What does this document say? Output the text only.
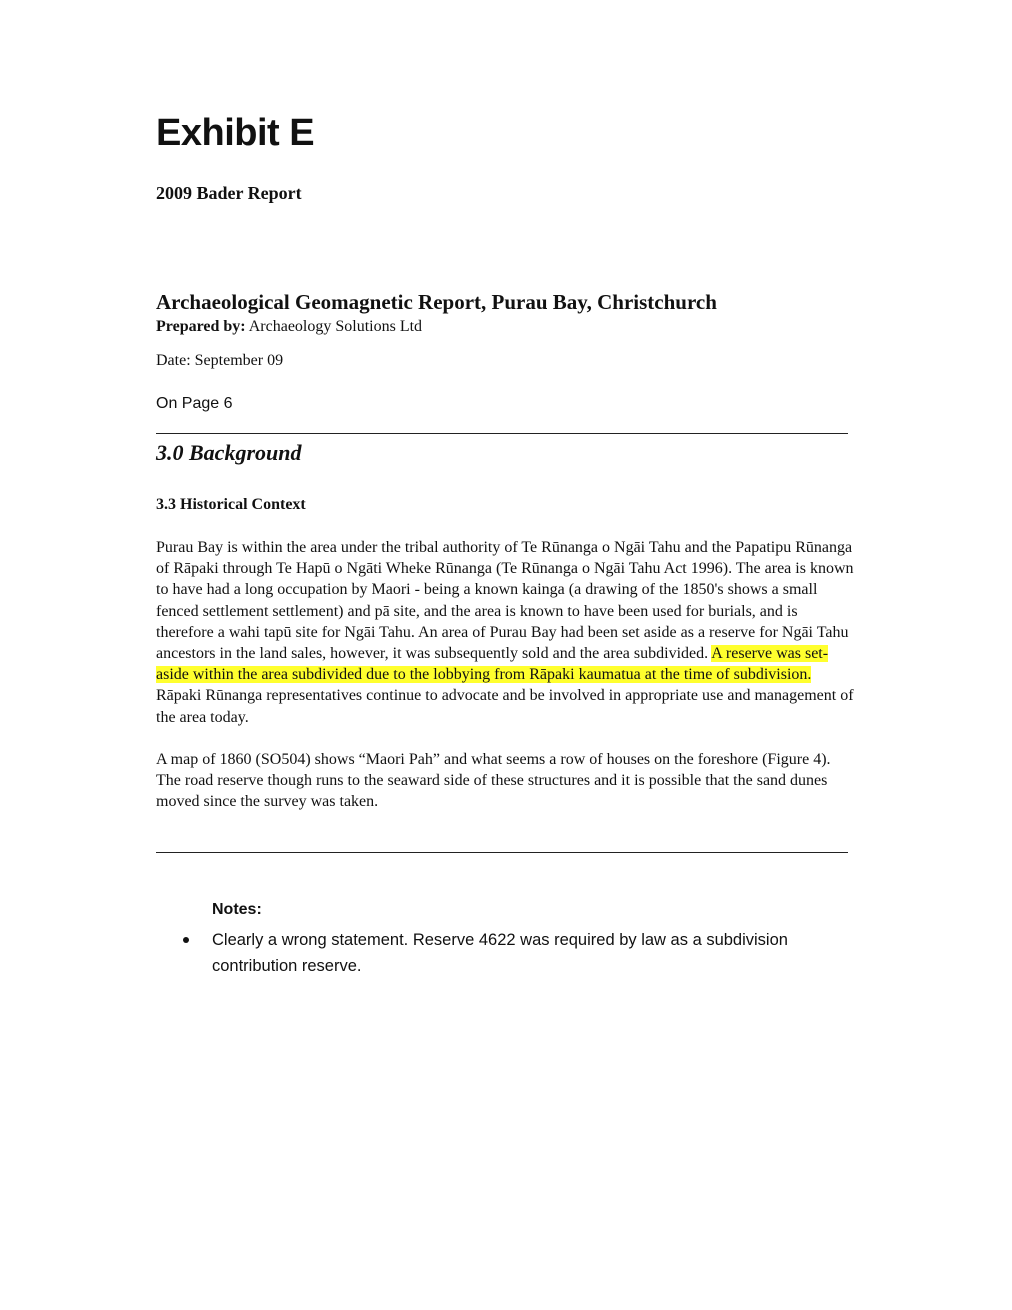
Exhibit E

2009 Bader Report

Archaeological Geomagnetic Report, Purau Bay, Christchurch

Prepared by: Archaeology Solutions Ltd

Date: September 09

On Page 6

3.0 Background
3.3 Historical Context

Purau Bay is within the area under the tribal authority of Te Rūnanga o Ngāi Tahu and the Papatipu Rūnanga of Rāpaki through Te Hapū o Ngāti Wheke Rūnanga (Te Rūnanga o Ngāi Tahu Act 1996). The area is known to have had a long occupation by Maori - being a known kainga (a drawing of the 1850's shows a small fenced settlement settlement) and pā site, and the area is known to have been used for burials, and is therefore a wahi tapū site for Ngāi Tahu. An area of Purau Bay had been set aside as a reserve for Ngāi Tahu ancestors in the land sales, however, it was subsequently sold and the area subdivided. A reserve was set-aside within the area subdivided due to the lobbying from Rāpaki kaumatua at the time of subdivision. Rāpaki Rūnanga representatives continue to advocate and be involved in appropriate use and management of the area today.

A map of 1860 (SO504) shows “Maori Pah” and what seems a row of houses on the foreshore (Figure 4). The road reserve though runs to the seaward side of these structures and it is possible that the sand dunes moved since the survey was taken.

Notes:

Clearly a wrong statement. Reserve 4622 was required by law as a subdivision contribution reserve.
